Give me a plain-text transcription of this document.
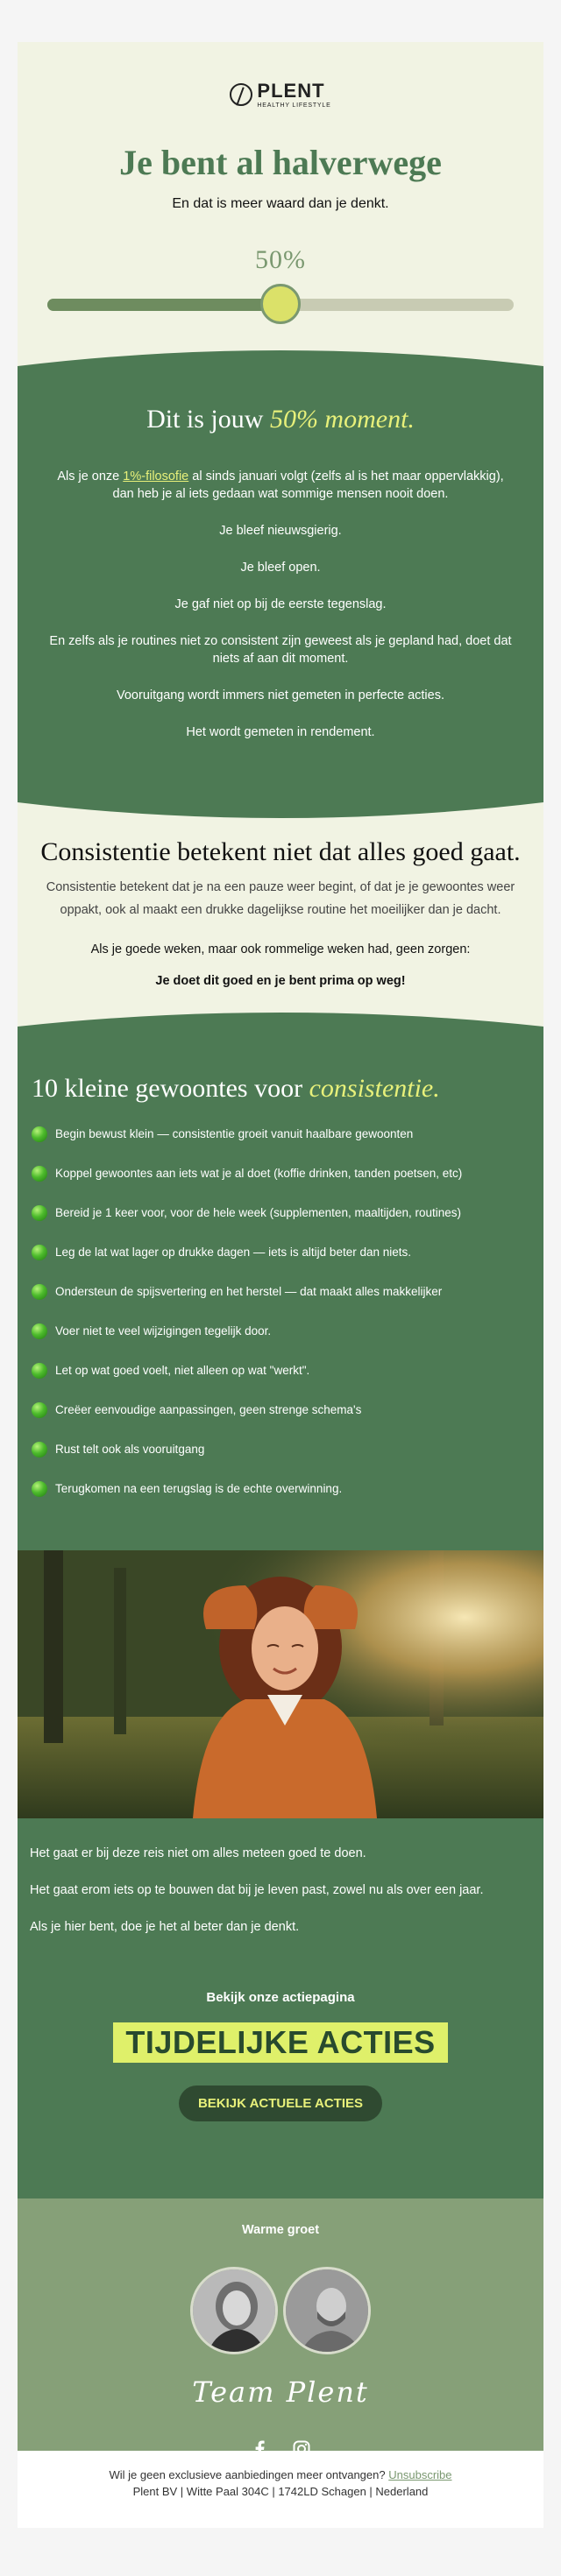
PLENT
HEALTHY LIFESTYLE
Je bent al halverwege
En dat is meer waard dan je denkt.
50%
Dit is jouw 50% moment.

Als je onze 1%-filosofie al sinds januari volgt (zelfs al is het maar oppervlakkig), dan heb je al iets gedaan wat sommige mensen nooit doen.

Je bleef nieuwsgierig.

Je bleef open.

Je gaf niet op bij de eerste tegenslag.

En zelfs als je routines niet zo consistent zijn geweest als je gepland had, doet dat niets af aan dit moment.

Vooruitgang wordt immers niet gemeten in perfecte acties.

Het wordt gemeten in rendement.

Consistentie betekent niet dat alles goed gaat.

Consistentie betekent dat je na een pauze weer begint, of dat je je gewoontes weer oppakt, ook al maakt een drukke dagelijkse routine het moeilijker dan je dacht.

Als je goede weken, maar ook rommelige weken had, geen zorgen:

Je doet dit goed en je bent prima op weg!

10 kleine gewoontes voor consistentie.
Begin bewust klein — consistentie groeit vanuit haalbare gewoonten
Koppel gewoontes aan iets wat je al doet (koffie drinken, tanden poetsen, etc)
Bereid je 1 keer voor, voor de hele week (supplementen, maaltijden, routines)
Leg de lat wat lager op drukke dagen — iets is altijd beter dan niets.
Ondersteun de spijsvertering en het herstel — dat maakt alles makkelijker
Voer niet te veel wijzigingen tegelijk door.
Let op wat goed voelt, niet alleen op wat "werkt".
Creëer eenvoudige aanpassingen, geen strenge schema's
Rust telt ook als vooruitgang
Terugkomen na een terugslag is de echte overwinning.

Het gaat er bij deze reis niet om alles meteen goed te doen.

Het gaat erom iets op te bouwen dat bij je leven past, zowel nu als over een jaar.

Als je hier bent, doe je het al beter dan je denkt.

Bekijk onze actiepagina
TIJDELIJKE ACTIES
BEKIJK ACTUELE ACTIES
Warme groet
Team Plent
Wil je geen exclusieve aanbiedingen meer ontvangen? Unsubscribe
Plent BV | Witte Paal 304C | 1742LD Schagen | Nederland
